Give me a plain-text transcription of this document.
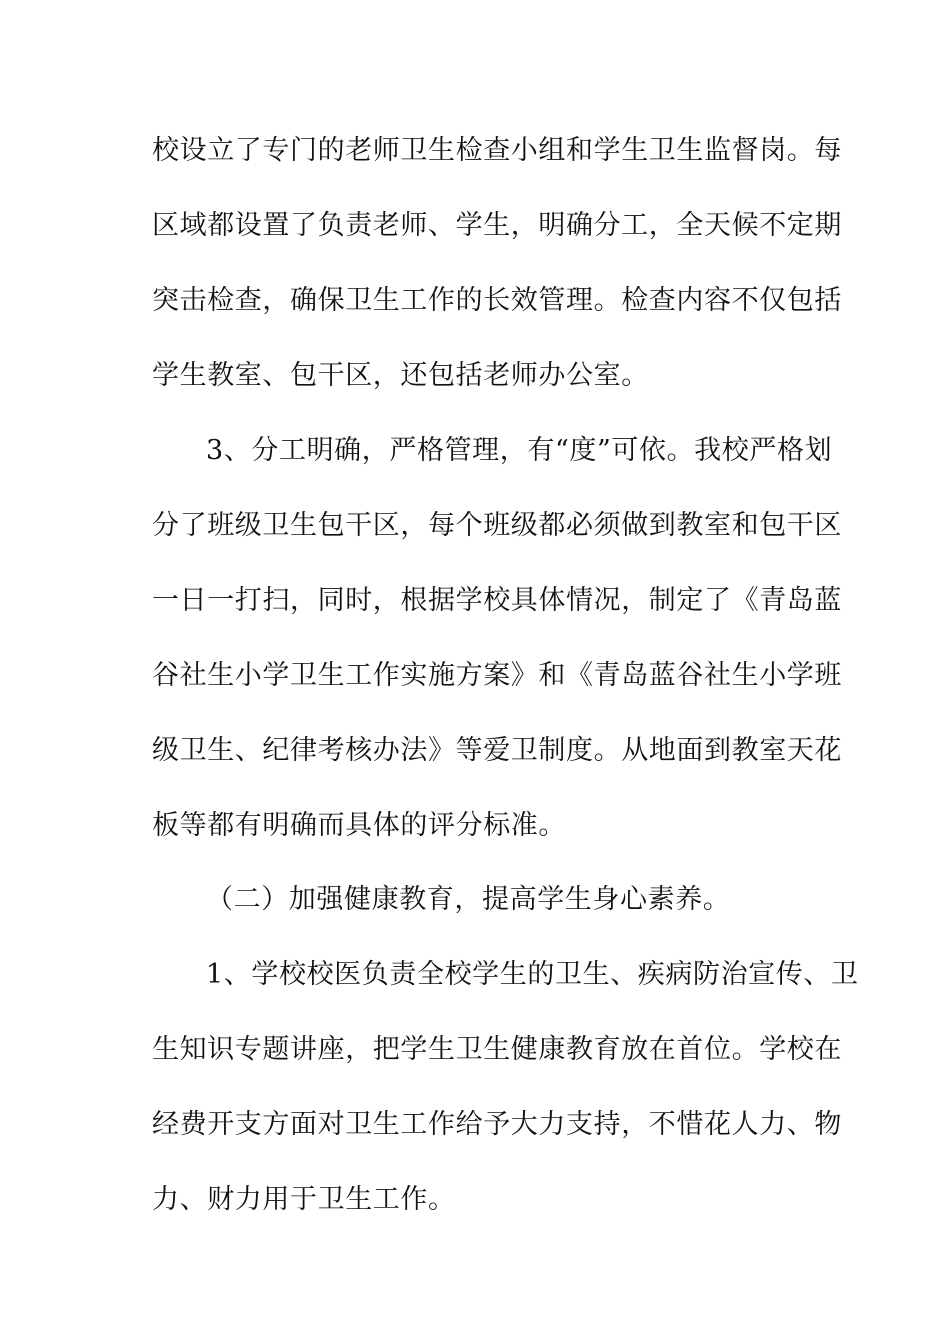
校设立了专门的老师卫生检查小组和学生卫生监督岗。每
区域都设置了负责老师、学生，明确分工，全天候不定期
突击检查，确保卫生工作的长效管理。检查内容不仅包括
学生教室、包干区，还包括老师办公室。
3、分工明确，严格管理，有“度”可依。我校严格划
分了班级卫生包干区，每个班级都必须做到教室和包干区
一日一打扫，同时，根据学校具体情况，制定了《青岛蓝
谷社生小学卫生工作实施方案》和《青岛蓝谷社生小学班
级卫生、纪律考核办法》等爱卫制度。从地面到教室天花
板等都有明确而具体的评分标准。
（二）加强健康教育，提高学生身心素养。
1、学校校医负责全校学生的卫生、疾病防治宣传、卫
生知识专题讲座，把学生卫生健康教育放在首位。学校在
经费开支方面对卫生工作给予大力支持，不惜花人力、物
力、财力用于卫生工作。
